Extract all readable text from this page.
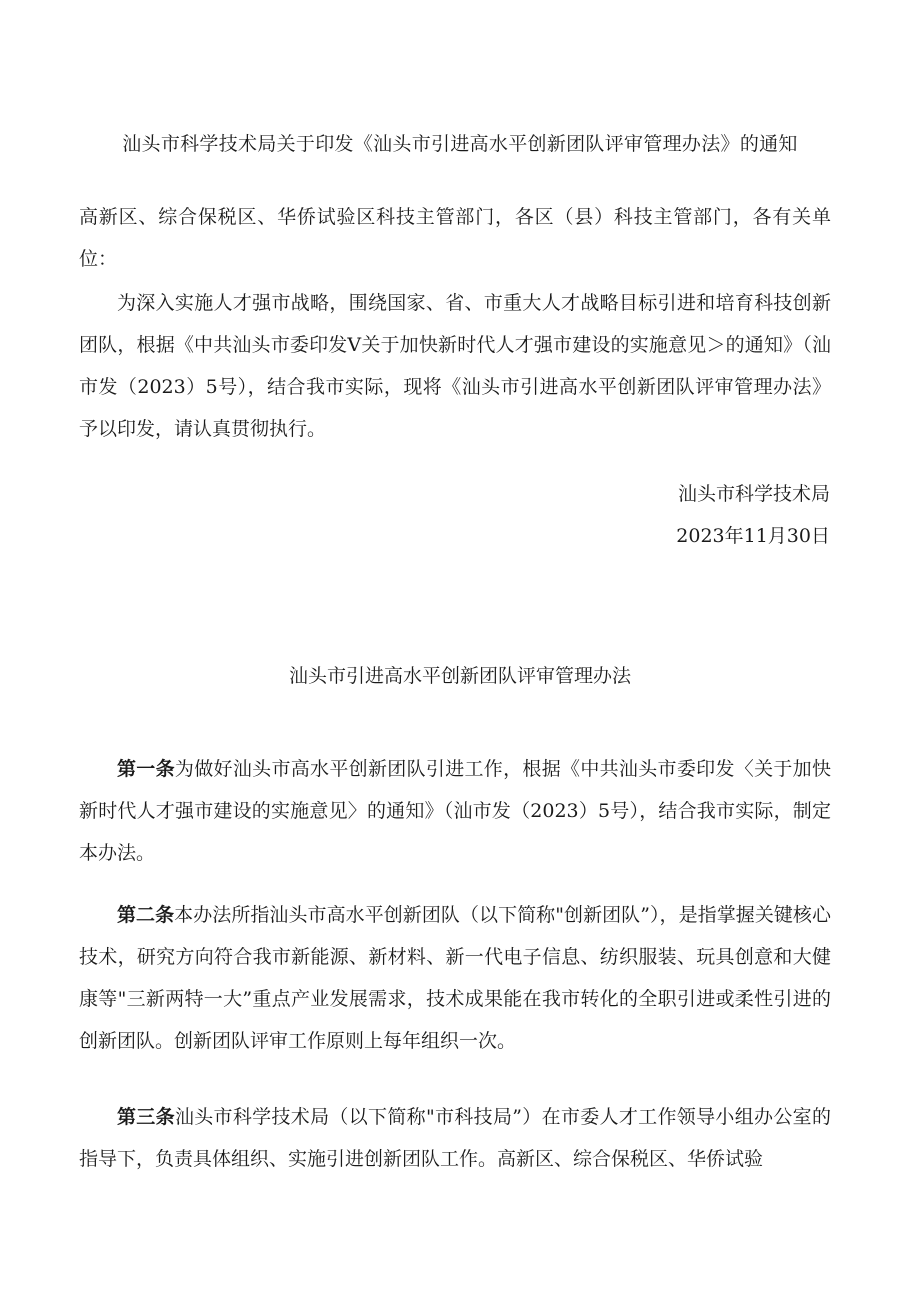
汕头市科学技术局关于印发《汕头市引进高水平创新团队评审管理办法》的通知
高新区、综合保税区、华侨试验区科技主管部门，各区（县）科技主管部门，各有关单位：
为深入实施人才强市战略，围绕国家、省、市重大人才战略目标引进和培育科技创新团队，根据《中共汕头市委印发V关于加快新时代人才强市建设的实施意见＞的通知》（汕市发（2023）5号），结合我市实际，现将《汕头市引进高水平创新团队评审管理办法》予以印发，请认真贯彻执行。
汕头市科学技术局
2023年11月30日
汕头市引进高水平创新团队评审管理办法
第一条为做好汕头市高水平创新团队引进工作，根据《中共汕头市委印发〈关于加快新时代人才强市建设的实施意见〉的通知》（汕市发（2023）5号），结合我市实际，制定本办法。
第二条本办法所指汕头市高水平创新团队（以下简称"创新团队”），是指掌握关键核心技术，研究方向符合我市新能源、新材料、新一代电子信息、纺织服装、玩具创意和大健康等"三新两特一大”重点产业发展需求，技术成果能在我市转化的全职引进或柔性引进的创新团队。创新团队评审工作原则上每年组织一次。
第三条汕头市科学技术局（以下简称"市科技局”）在市委人才工作领导小组办公室的指导下，负责具体组织、实施引进创新团队工作。高新区、综合保税区、华侨试验
